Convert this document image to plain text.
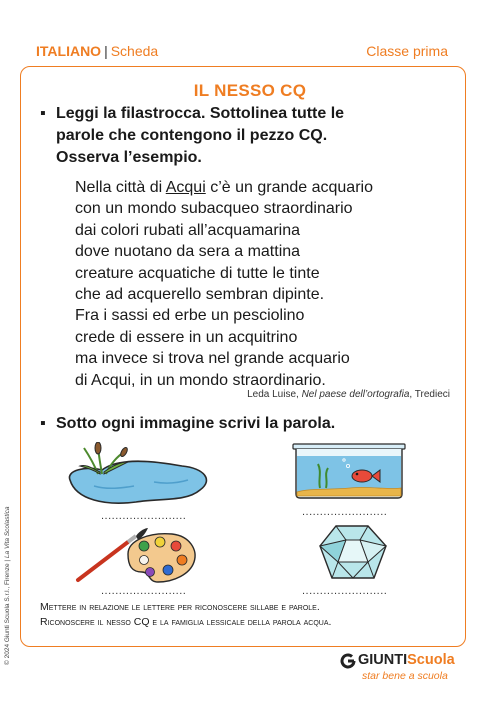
ITALIANO | Scheda	Classe prima
IL NESSO CQ
▪ Leggi la filastrocca. Sottolinea tutte le parole che contengono il pezzo CQ. Osserva l’esempio.
Nella città di Acqui c’è un grande acquario
con un mondo subacqueo straordinario
dai colori rubati all’acquamarina
dove nuotano da sera a mattina
creature acquatiche di tutte le tinte
che ad acquerello sembran dipinte.
Fra i sassi ed erbe un pesciolino
crede di essere in un acquitrino
ma invece si trova nel grande acquario
di Acqui, in un mondo straordinario.
Leda Luise, Nel paese dell’ortografia, Tredieci
▪ Sotto ogni immagine scrivi la parola.
........................	........................
........................	........................
Mettere in relazione le lettere per riconoscere sillabe e parole.
Riconoscere il nesso CQ e la famiglia lessicale della parola acqua.
© 2024 Giunti Scuola S.r.l., Firenze | La Vita Scolastica
GIUNTIScuola
star bene a scuola
